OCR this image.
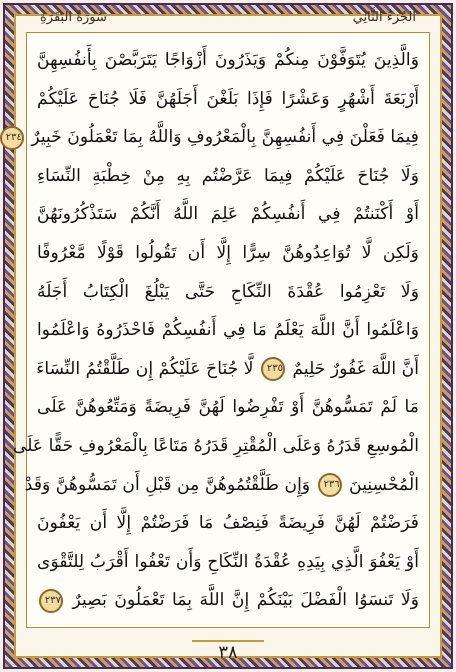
الجُزءُ الثَّانِي
سُورَةُ البَقَرَةِ
وَالَّذِينَ يُتَوَفَّوْنَ مِنكُمْ وَيَذَرُونَ أَزْوَاجًا يَتَرَبَّصْنَ بِأَنفُسِهِنَّ
أَرْبَعَةَ أَشْهُرٍ وَعَشْرًا فَإِذَا بَلَغْنَ أَجَلَهُنَّ فَلَا جُنَاحَ عَلَيْكُمْ
فِيمَا فَعَلْنَ فِي أَنفُسِهِنَّ بِالْمَعْرُوفِ وَاللَّهُ بِمَا تَعْمَلُونَ خَبِيرٌ ٢٣٤
وَلَا جُنَاحَ عَلَيْكُمْ فِيمَا عَرَّضْتُم بِهِ مِنْ خِطْبَةِ النِّسَاءِ
أَوْ أَكْنَنتُمْ فِي أَنفُسِكُمْ عَلِمَ اللَّهُ أَنَّكُمْ سَتَذْكُرُونَهُنَّ
وَلَكِن لَّا تُوَاعِدُوهُنَّ سِرًّا إِلَّا أَن تَقُولُوا قَوْلًا مَّعْرُوفًا
وَلَا تَعْزِمُوا عُقْدَةَ النِّكَاحِ حَتَّى يَبْلُغَ الْكِتَابُ أَجَلَهُ
وَاعْلَمُوا أَنَّ اللَّهَ يَعْلَمُ مَا فِي أَنفُسِكُمْ فَاحْذَرُوهُ وَاعْلَمُوا
أَنَّ اللَّهَ غَفُورٌ حَلِيمٌ ٢٣٥ لَّا جُنَاحَ عَلَيْكُمْ إِن طَلَّقْتُمُ النِّسَاءَ
مَا لَمْ تَمَسُّوهُنَّ أَوْ تَفْرِضُوا لَهُنَّ فَرِيضَةً وَمَتِّعُوهُنَّ عَلَى
الْمُوسِعِ قَدَرُهُ وَعَلَى الْمُقْتِرِ قَدَرُهُ مَتَاعًا بِالْمَعْرُوفِ حَقًّا عَلَى
الْمُحْسِنِينَ ٢٣٦ وَإِن طَلَّقْتُمُوهُنَّ مِن قَبْلِ أَن تَمَسُّوهُنَّ وَقَدْ
فَرَضْتُمْ لَهُنَّ فَرِيضَةً فَنِصْفُ مَا فَرَضْتُمْ إِلَّا أَن يَعْفُونَ
أَوْ يَعْفُوَ الَّذِي بِيَدِهِ عُقْدَةُ النِّكَاحِ وَأَن تَعْفُوا أَقْرَبُ لِلتَّقْوَى
وَلَا تَنسَوُا الْفَضْلَ بَيْنَكُمْ إِنَّ اللَّهَ بِمَا تَعْمَلُونَ بَصِيرٌ ٢٣٧
٣٨
